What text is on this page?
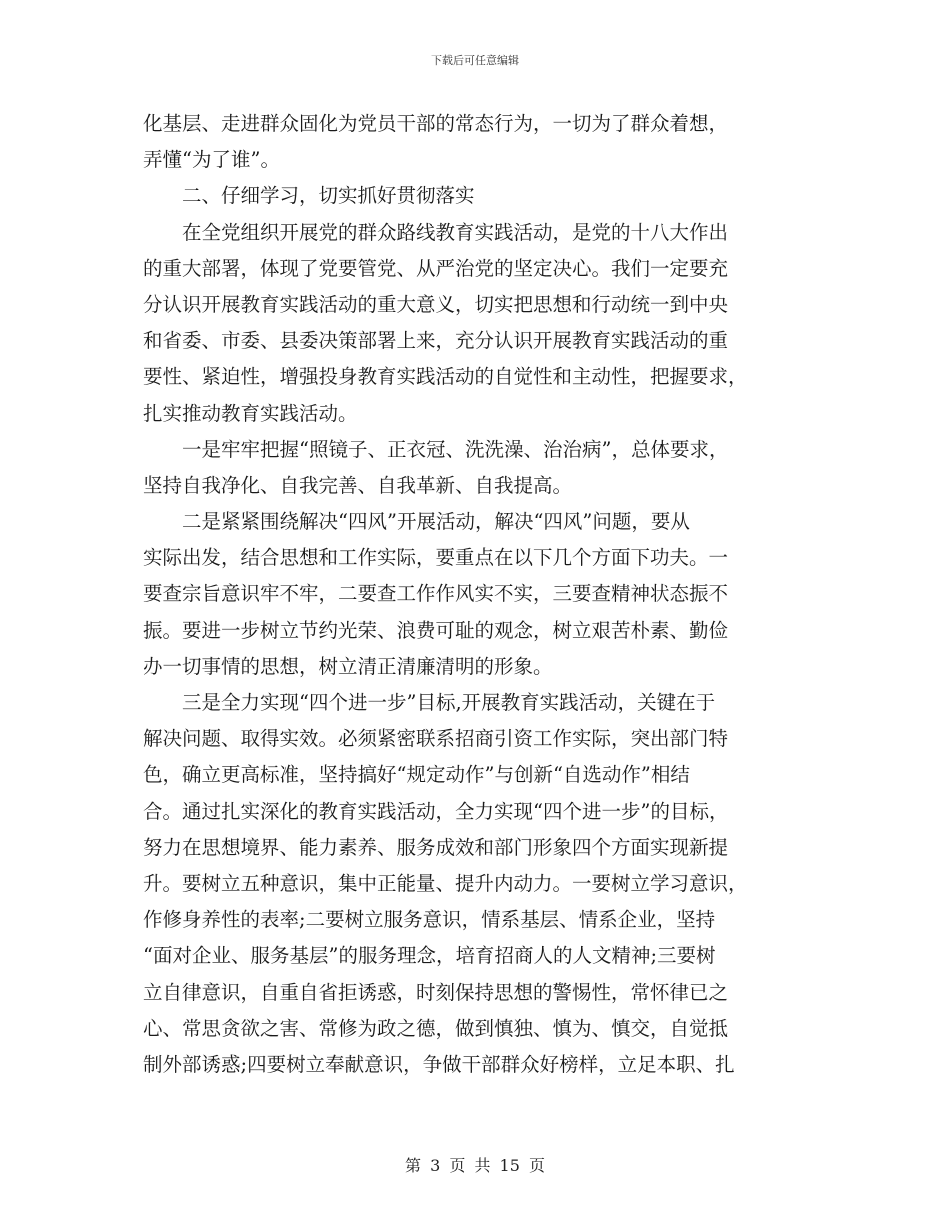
下载后可任意编辑
化基层、走进群众固化为党员干部的常态行为，一切为了群众着想，
弄懂“为了谁”。
　　二、仔细学习，切实抓好贯彻落实
　　在全党组织开展党的群众路线教育实践活动，是党的十八大作出
的重大部署，体现了党要管党、从严治党的坚定决心。我们一定要充
分认识开展教育实践活动的重大意义，切实把思想和行动统一到中央
和省委、市委、县委决策部署上来，充分认识开展教育实践活动的重
要性、紧迫性，增强投身教育实践活动的自觉性和主动性，把握要求，
扎实推动教育实践活动。
　　一是牢牢把握“照镜子、正衣冠、洗洗澡、治治病”，总体要求，
坚持自我净化、自我完善、自我革新、自我提高。
　　二是紧紧围绕解决“四风”开展活动，解决“四风”问题，要从
实际出发，结合思想和工作实际，要重点在以下几个方面下功夫。一
要查宗旨意识牢不牢，二要查工作作风实不实，三要查精神状态振不
振。要进一步树立节约光荣、浪费可耻的观念，树立艰苦朴素、勤俭
办一切事情的思想，树立清正清廉清明的形象。
　　三是全力实现“四个进一步”目标,开展教育实践活动，关键在于
解决问题、取得实效。必须紧密联系招商引资工作实际，突出部门特
色，确立更高标准，坚持搞好“规定动作”与创新“自选动作”相结
合。通过扎实深化的教育实践活动，全力实现“四个进一步”的目标，
努力在思想境界、能力素养、服务成效和部门形象四个方面实现新提
升。要树立五种意识，集中正能量、提升内动力。一要树立学习意识，
作修身养性的表率;二要树立服务意识，情系基层、情系企业，坚持
“面对企业、服务基层”的服务理念，培育招商人的人文精神;三要树
立自律意识，自重自省拒诱惑，时刻保持思想的警惕性，常怀律已之
心、常思贪欲之害、常修为政之德，做到慎独、慎为、慎交，自觉抵
制外部诱惑;四要树立奉献意识，争做干部群众好榜样，立足本职、扎
第 3 页 共 15 页
